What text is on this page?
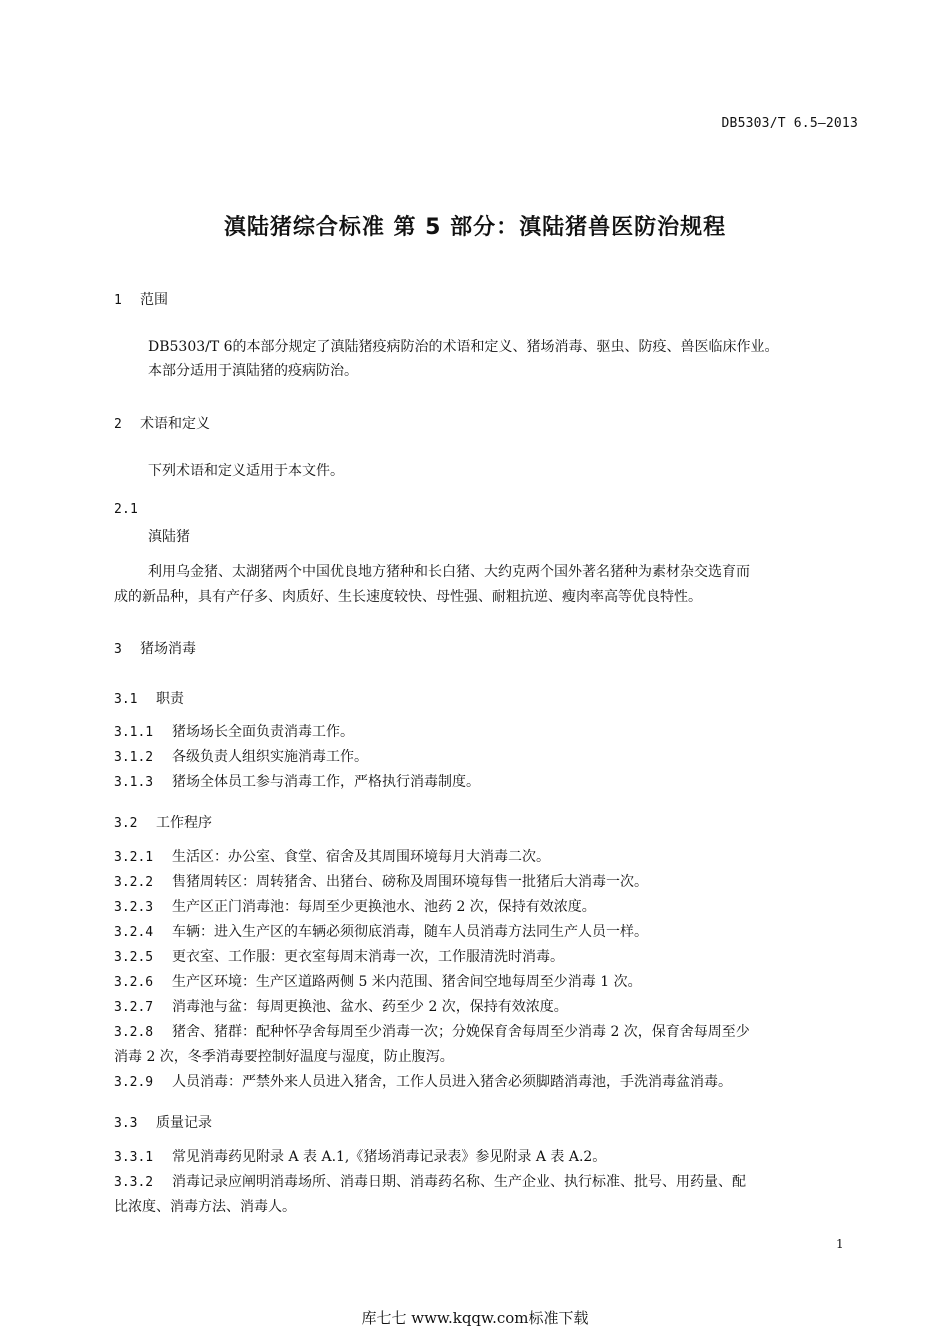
DB5303/T 6.5—2013
滇陆猪综合标准 第 5 部分：滇陆猪兽医防治规程
1 范围
DB5303/T 6的本部分规定了滇陆猪疫病防治的术语和定义、猪场消毒、驱虫、防疫、兽医临床作业。
本部分适用于滇陆猪的疫病防治。
2 术语和定义
下列术语和定义适用于本文件。
2.1
滇陆猪
利用乌金猪、太湖猪两个中国优良地方猪种和长白猪、大约克两个国外著名猪种为素材杂交选育而
成的新品种，具有产仔多、肉质好、生长速度较快、母性强、耐粗抗逆、瘦肉率高等优良特性。
3 猪场消毒
3.1 职责
3.1.1 猪场场长全面负责消毒工作。
3.1.2 各级负责人组织实施消毒工作。
3.1.3 猪场全体员工参与消毒工作，严格执行消毒制度。
3.2 工作程序
3.2.1 生活区：办公室、食堂、宿舍及其周围环境每月大消毒二次。
3.2.2 售猪周转区：周转猪舍、出猪台、磅称及周围环境每售一批猪后大消毒一次。
3.2.3 生产区正门消毒池：每周至少更换池水、池药 2 次，保持有效浓度。
3.2.4 车辆：进入生产区的车辆必须彻底消毒，随车人员消毒方法同生产人员一样。
3.2.5 更衣室、工作服：更衣室每周末消毒一次，工作服清洗时消毒。
3.2.6 生产区环境：生产区道路两侧 5 米内范围、猪舍间空地每周至少消毒 1 次。
3.2.7 消毒池与盆：每周更换池、盆水、药至少 2 次，保持有效浓度。
3.2.8 猪舍、猪群：配种怀孕舍每周至少消毒一次；分娩保育舍每周至少消毒 2 次，保育舍每周至少
消毒 2 次，冬季消毒要控制好温度与湿度，防止腹泻。
3.2.9 人员消毒：严禁外来人员进入猪舍，工作人员进入猪舍必须脚踏消毒池，手洗消毒盆消毒。
3.3 质量记录
3.3.1 常见消毒药见附录 A 表 A.1,《猪场消毒记录表》参见附录 A 表 A.2。
3.3.2 消毒记录应阐明消毒场所、消毒日期、消毒药名称、生产企业、执行标准、批号、用药量、配
比浓度、消毒方法、消毒人。
1
库七七 www.kqqw.com标准下载
